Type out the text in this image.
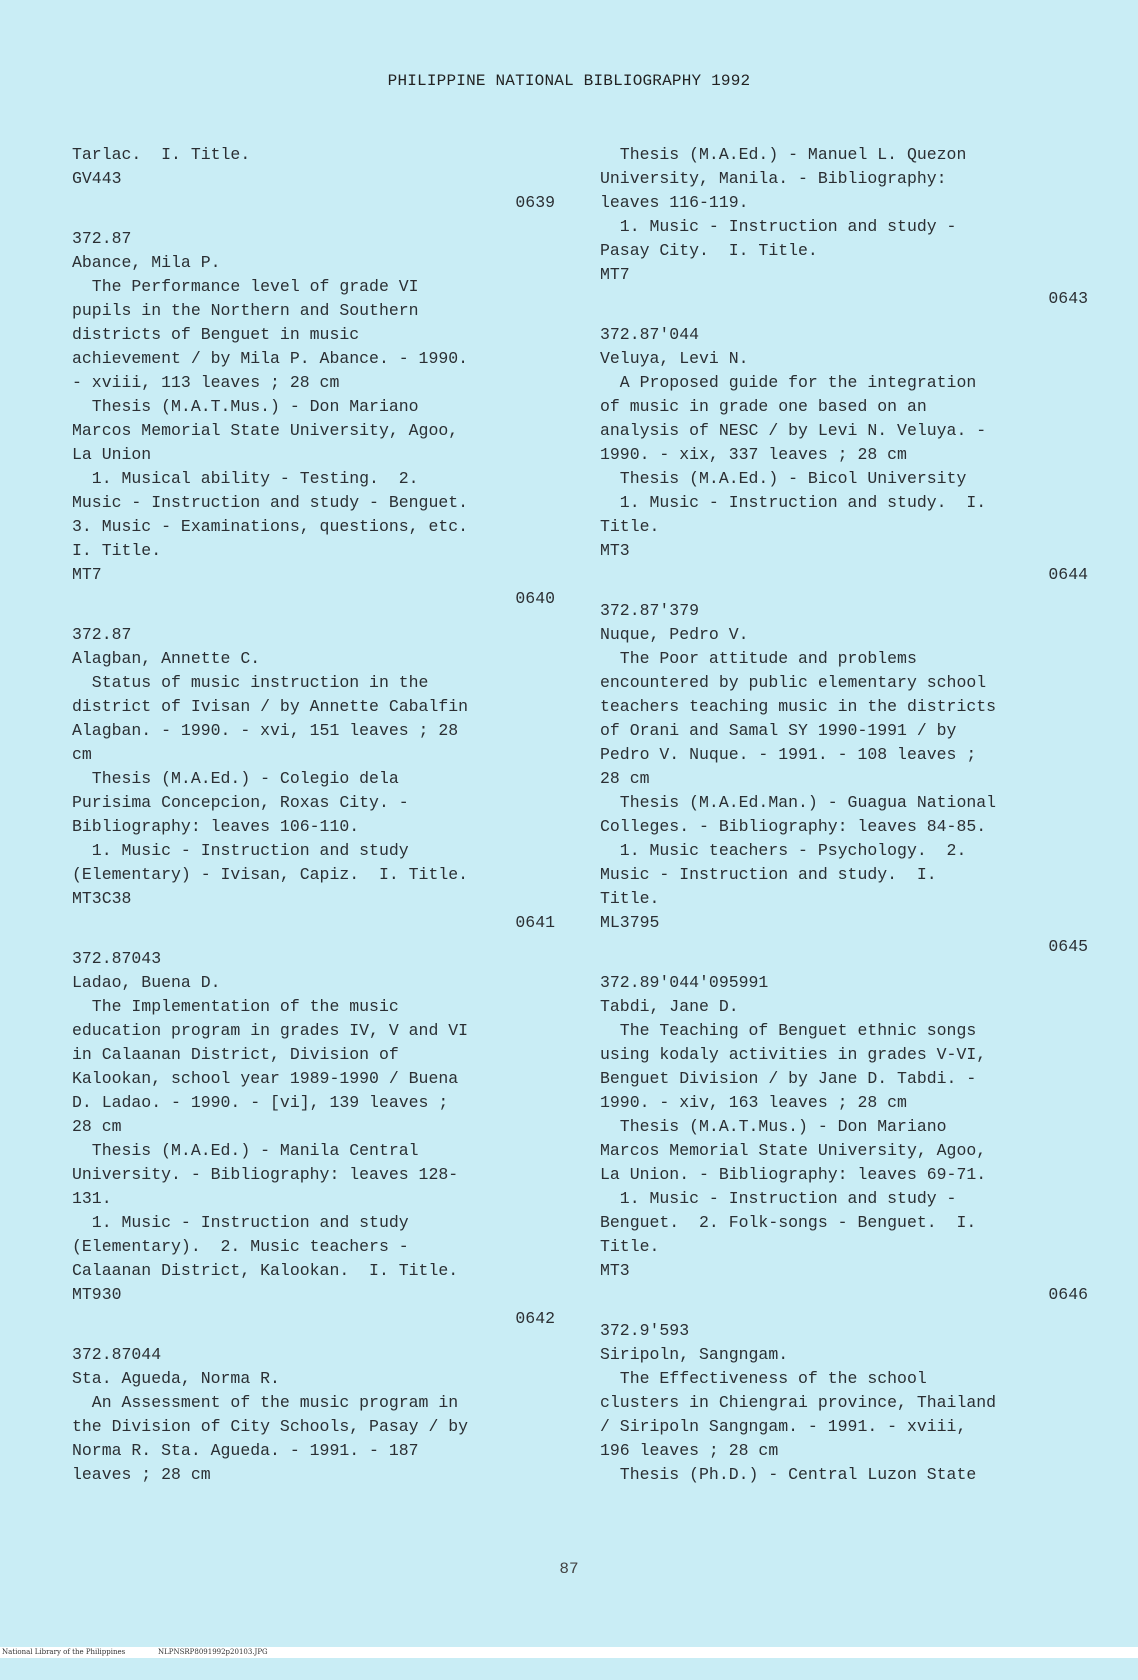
PHILIPPINE NATIONAL BIBLIOGRAPHY 1992
Tarlac.  I. Title.
GV443
0639
372.87
Abance, Mila P.
The Performance level of grade VI
pupils in the Northern and Southern
districts of Benguet in music
achievement / by Mila P. Abance. - 1990.
- xviii, 113 leaves ; 28 cm
Thesis (M.A.T.Mus.) - Don Mariano
Marcos Memorial State University, Agoo,
La Union
1. Musical ability - Testing.  2.
Music - Instruction and study - Benguet.
3. Music - Examinations, questions, etc.
I. Title.
MT7
0640
372.87
Alagban, Annette C.
Status of music instruction in the
district of Ivisan / by Annette Cabalfin
Alagban. - 1990. - xvi, 151 leaves ; 28
cm
Thesis (M.A.Ed.) - Colegio dela
Purisima Concepcion, Roxas City. -
Bibliography: leaves 106-110.
1. Music - Instruction and study
(Elementary) - Ivisan, Capiz.  I. Title.
MT3C38
0641
372.87043
Ladao, Buena D.
The Implementation of the music
education program in grades IV, V and VI
in Calaanan District, Division of
Kalookan, school year 1989-1990 / Buena
D. Ladao. - 1990. - [vi], 139 leaves ;
28 cm
Thesis (M.A.Ed.) - Manila Central
University. - Bibliography: leaves 128-
131.
1. Music - Instruction and study
(Elementary).  2. Music teachers -
Calaanan District, Kalookan.  I. Title.
MT930
0642
372.87044
Sta. Agueda, Norma R.
An Assessment of the music program in
the Division of City Schools, Pasay / by
Norma R. Sta. Agueda. - 1991. - 187
leaves ; 28 cm
Thesis (M.A.Ed.) - Manuel L. Quezon
University, Manila. - Bibliography:
leaves 116-119.
1. Music - Instruction and study -
Pasay City.  I. Title.
MT7
0643
372.87'044
Veluya, Levi N.
A Proposed guide for the integration
of music in grade one based on an
analysis of NESC / by Levi N. Veluya. -
1990. - xix, 337 leaves ; 28 cm
Thesis (M.A.Ed.) - Bicol University
1. Music - Instruction and study.  I.
Title.
MT3
0644
372.87'379
Nuque, Pedro V.
The Poor attitude and problems
encountered by public elementary school
teachers teaching music in the districts
of Orani and Samal SY 1990-1991 / by
Pedro V. Nuque. - 1991. - 108 leaves ;
28 cm
Thesis (M.A.Ed.Man.) - Guagua National
Colleges. - Bibliography: leaves 84-85.
1. Music teachers - Psychology.  2.
Music - Instruction and study.  I.
Title.
ML3795
0645
372.89'044'095991
Tabdi, Jane D.
The Teaching of Benguet ethnic songs
using kodaly activities in grades V-VI,
Benguet Division / by Jane D. Tabdi. -
1990. - xiv, 163 leaves ; 28 cm
Thesis (M.A.T.Mus.) - Don Mariano
Marcos Memorial State University, Agoo,
La Union. - Bibliography: leaves 69-71.
1. Music - Instruction and study -
Benguet.  2. Folk-songs - Benguet.  I.
Title.
MT3
0646
372.9'593
Siripoln, Sangngam.
The Effectiveness of the school
clusters in Chiengrai province, Thailand
/ Siripoln Sangngam. - 1991. - xviii,
196 leaves ; 28 cm
Thesis (Ph.D.) - Central Luzon State
87

National Library of the Philippines

	NLPNSRP8091992p20103.JPG
